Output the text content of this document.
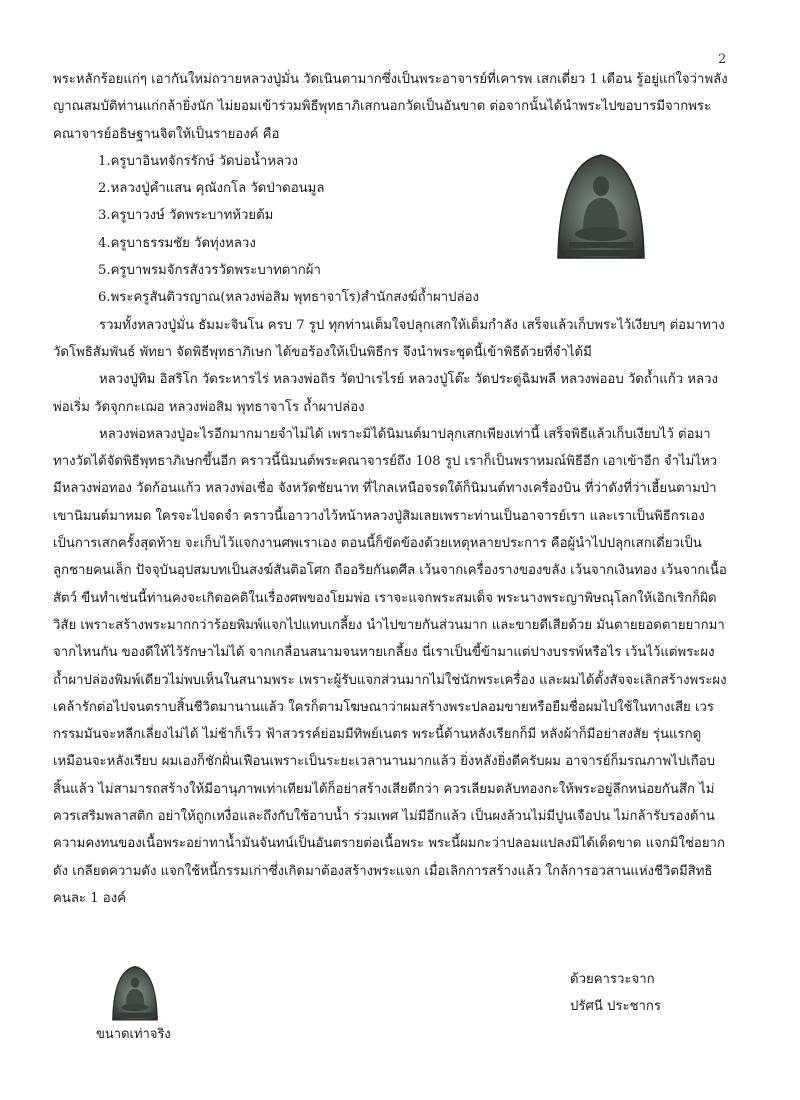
2

พระหลักร้อยแก่ๆ เอากันใหม่ถวายหลวงปู่มั่น วัดเนินตามากซึ่งเป็นพระอาจารย์ที่เคารพ เสกเดี่ยว 1 เดือน รู้อยู่แก่ใจว่าพลังญาณสมบัติท่านแก่กล้ายิ่งนัก ไม่ยอมเข้าร่วมพิธีพุทธาภิเสกนอกวัดเป็นอันขาด ต่อจากนั้นได้นำพระไปขอบารมีจากพระคณาจารย์อธิษฐานจิตให้เป็นรายองค์ คือ

1.ครูบาอินทจักรรักษ์ วัดบ่อน้ำหลวง
2.หลวงปู่คำแสน คุณังกโล วัดป่าดอนมูล
3.ครูบาวงษ์ วัดพระบาทห้วยต้ม
4.ครูบาธรรมชัย วัดทุ่งหลวง
5.ครูบาพรมจักรสังวรวัดพระบาทตากผ้า
6.พระครูสันติวรญาณ(หลวงพ่อสิม พุทธาจาโร)สำนักสงฆ์ถ้ำผาปล่อง

รวมทั้งหลวงปู่มั่น ธัมมะจินโน ครบ 7 รูป ทุกท่านเต็มใจปลุกเสกให้เต็มกำลัง เสร็จแล้วเก็บพระไว้เงียบๆ ต่อมาทางวัดโพธิสัมพันธ์ พัทยา จัดพิธีพุทธาภิเษก ได้ขอร้องให้เป็นพิธีกร จึงนำพระชุดนี้เข้าพิธีด้วยที่จำได้มี

หลวงปู่ทิม อิสริโก วัดระหารไร่ หลวงพ่อถิร วัดป่าเรไรย์ หลวงปู่โต๊ะ วัดประดู่ฉิมพลี หลวงพ่ออบ วัดถ้ำแก้ว หลวงพ่อเริ่ม วัดจุกกะเฌอ หลวงพ่อสิม พุทธาจาโร ถ้ำผาปล่อง

หลวงพ่อหลวงปู่อะไรอีกมากมายจำไม่ได้ เพราะมิได้นิมนต์มาปลุกเสกเพียงเท่านี้ เสร็จพิธีแล้วเก็บเงียบไว้ ต่อมาทางวัดได้จัดพิธีพุทธาภิเษกขึ้นอีก คราวนี้นิมนต์พระคณาจารย์ถึง 108 รูป เราก็เป็นพราหมณ์พิธีอีก เอาเข้าอีก จำไม่ไหว มีหลวงพ่อทอง วัดก้อนแก้ว หลวงพ่อเชื่อ จังหวัดชัยนาท ที่ไกลเหนือจรดใต้ก็นิมนต์ทางเครื่องบิน ที่ว่าดังที่ว่าเฮี้ยนตามป่าเขานิมนต์มาหมด ใครจะไปจดจำ คราวนี้เอาวางไว้หน้าหลวงปู่สิมเลยเพราะท่านเป็นอาจารย์เรา และเราเป็นพิธีกรเอง เป็นการเสกครั้งสุดท้าย จะเก็บไว้แจกงานศพเราเอง ตอนนี้ก็ขัดข้องด้วยเหตุหลายประการ คือผู้นำไปปลุกเสกเดี่ยวเป็นลูกชายคนเล็ก ปัจจุบันอุปสมบทเป็นสงฆ์สันติอโศก ถืออริยกันตศีล เว้นจากเครื่องรางของขลัง เว้นจากเงินทอง เว้นจากเนื้อสัตว์ ขืนทำเช่นนี้ท่านคงจะเกิดอคติในเรื่องศพของโยมพ่อ เราจะแจกพระสมเด็จ พระนางพระญาพิษณุโลกให้เอิกเริกก็ผิดวิสัย เพราะสร้างพระมากกว่าร้อยพิมพ์แจกไปแทบเกลี้ยง นำไปขายกันส่วนมาก และขายดีเสียด้วย มันตายยอดตายยากมาจากไหนกัน ของดีให้ไว้รักษาไม่ได้ จากเกลื่อนสนามจนหายเกลี้ยง นี่เราเป็นขี้ข้ามาแต่ปางบรรพ์หรือไร เว้นไว้แต่พระผงถ้ำผาปล่องพิมพ์เดียวไม่พบเห็นในสนามพระ เพราะผู้รับแจกส่วนมากไม่ใช่นักพระเครื่อง และผมได้ตั้งสัจจะเลิกสร้างพระผงเคล้ารักต่อไปจนตราบสิ้นชีวิตมานานแล้ว ใครก็ตามโฆษณาว่าผมสร้างพระปลอมขายหรือยืมชื่อผมไปใช้ในทางเสีย เวรกรรมมันจะหลีกเลี่ยงไม่ได้ ไม่ช้าก็เร็ว ฟ้าสวรรค์ย่อมมีทิพย์เนตร พระนี้ด้านหลังเรียกก็มี หลังผ้าก็มีอย่าสงสัย รุ่นแรกดูเหมือนจะหลังเรียบ ผมเองก็ชักฝั่นเฟือนเพราะเป็นระยะเวลานานมากแล้ว ยิ่งหลังยิ่งดีครับผม อาจารย์ก็มรณภาพไปเกือบสิ้นแล้ว ไม่สามารถสร้างให้มีอานุภาพเท่าเทียมได้ก็อย่าสร้างเสียดีกว่า ควรเลียมตลับทองกะให้พระอยู่ลึกหน่อยกันสึก ไม่ควรเสริมพลาสติก อย่าให้ถูกเหงื่อและถึงกับใช้อาบน้ำ ร่วมเพศ ไม่มีอีกแล้ว เป็นผงล้วนไม่มีปูนเจือปน ไม่กล้ารับรองด้านความคงทนของเนื้อพระอย่าทาน้ำมันจันทน์เป็นอันตรายต่อเนื้อพระ พระนี้ผมกะว่าปลอมแปลงมิได้เด็ดขาด แจกมิใช่อยากดัง เกลียดความดัง แจกใช้หนี้กรรมเก่าซึ่งเกิดมาต้องสร้างพระแจก เมื่อเลิกการสร้างแล้ว ใกล้การอวสานแห่งชีวิตมีสิทธิคนละ 1 องค์

ขนาดเท่าจริง
ด้วยคารวะจาก
ปรัศนี ประชากร
